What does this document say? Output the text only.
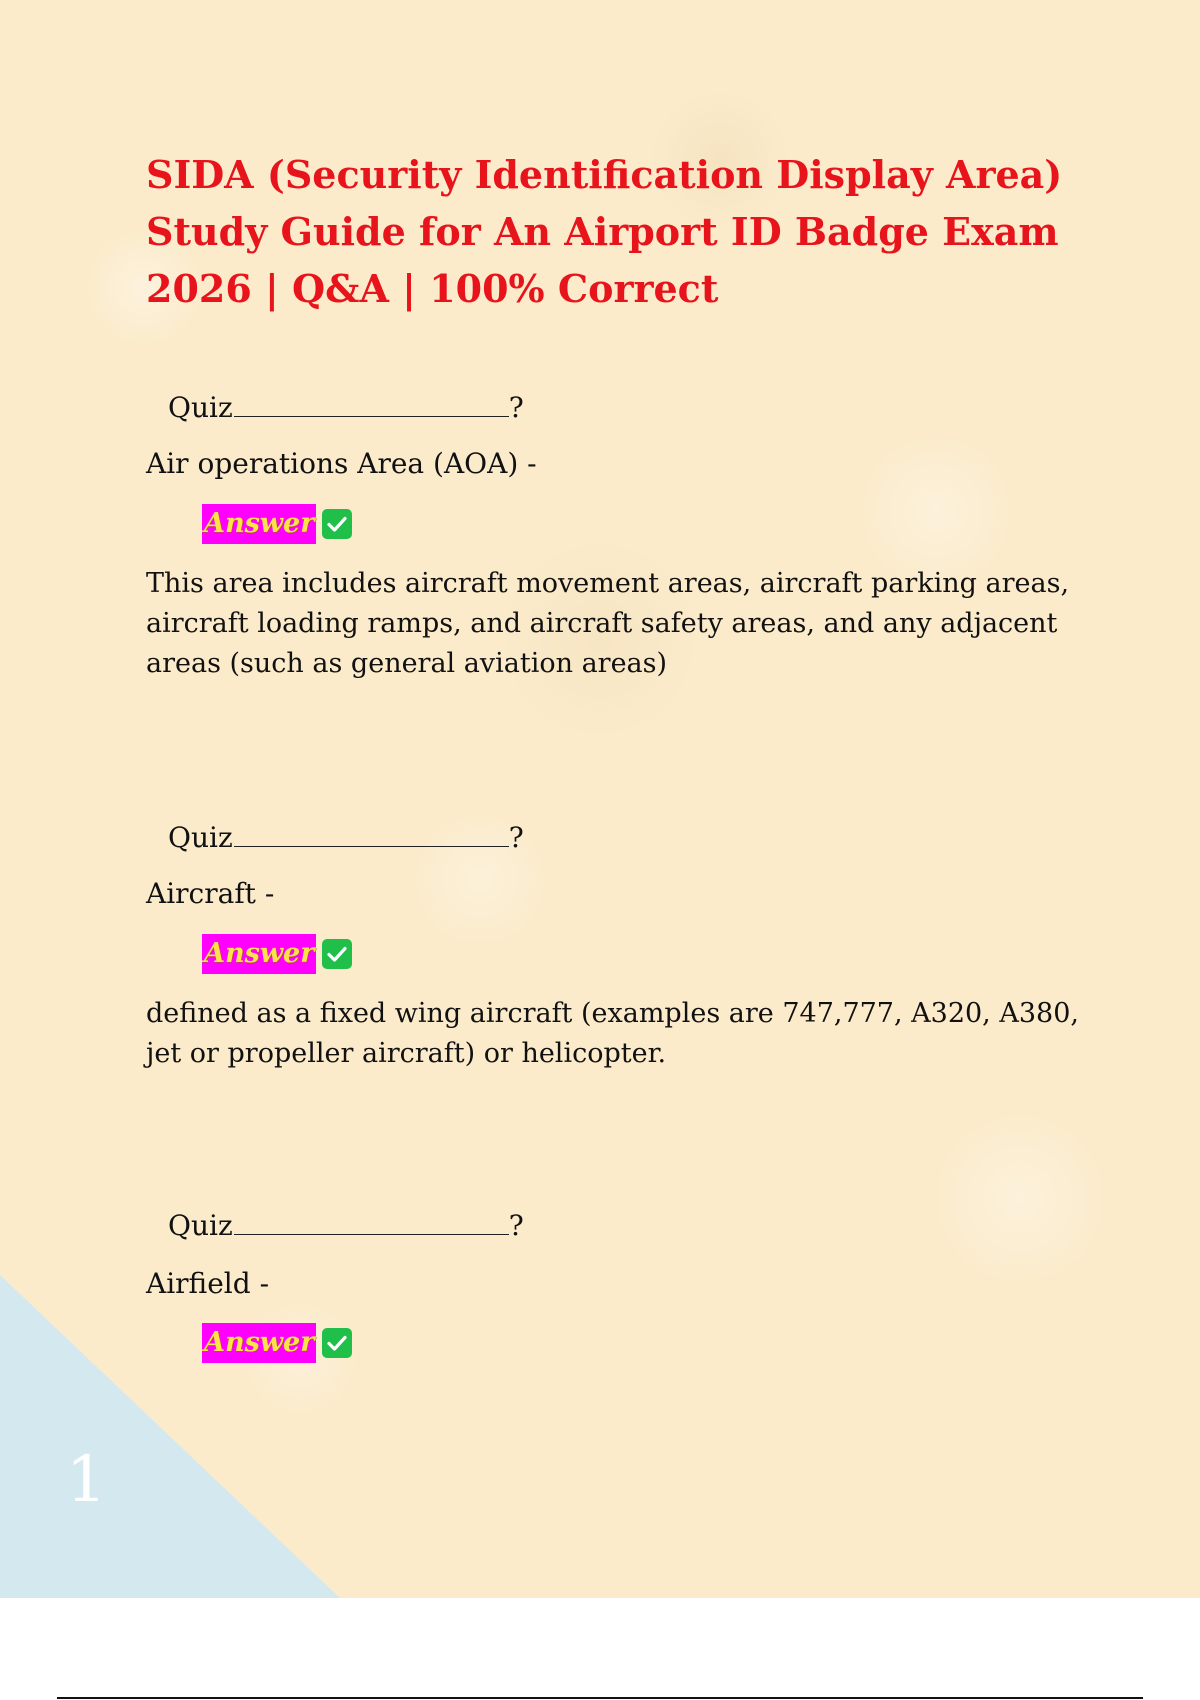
1
SIDA (Security Identification Display Area) Study Guide for An Airport ID Badge Exam 2026 | Q&A | 100% Correct
Quiz	?
Air operations Area (AOA) -
Answer

This area includes aircraft movement areas, aircraft parking areas, aircraft loading ramps, and aircraft safety areas, and any adjacent areas (such as general aviation areas)

Quiz	?
Aircraft -
Answer

defined as a fixed wing aircraft (examples are 747,777, A320, A380, jet or propeller aircraft) or helicopter.

Quiz	?
Airfield -
Answer
